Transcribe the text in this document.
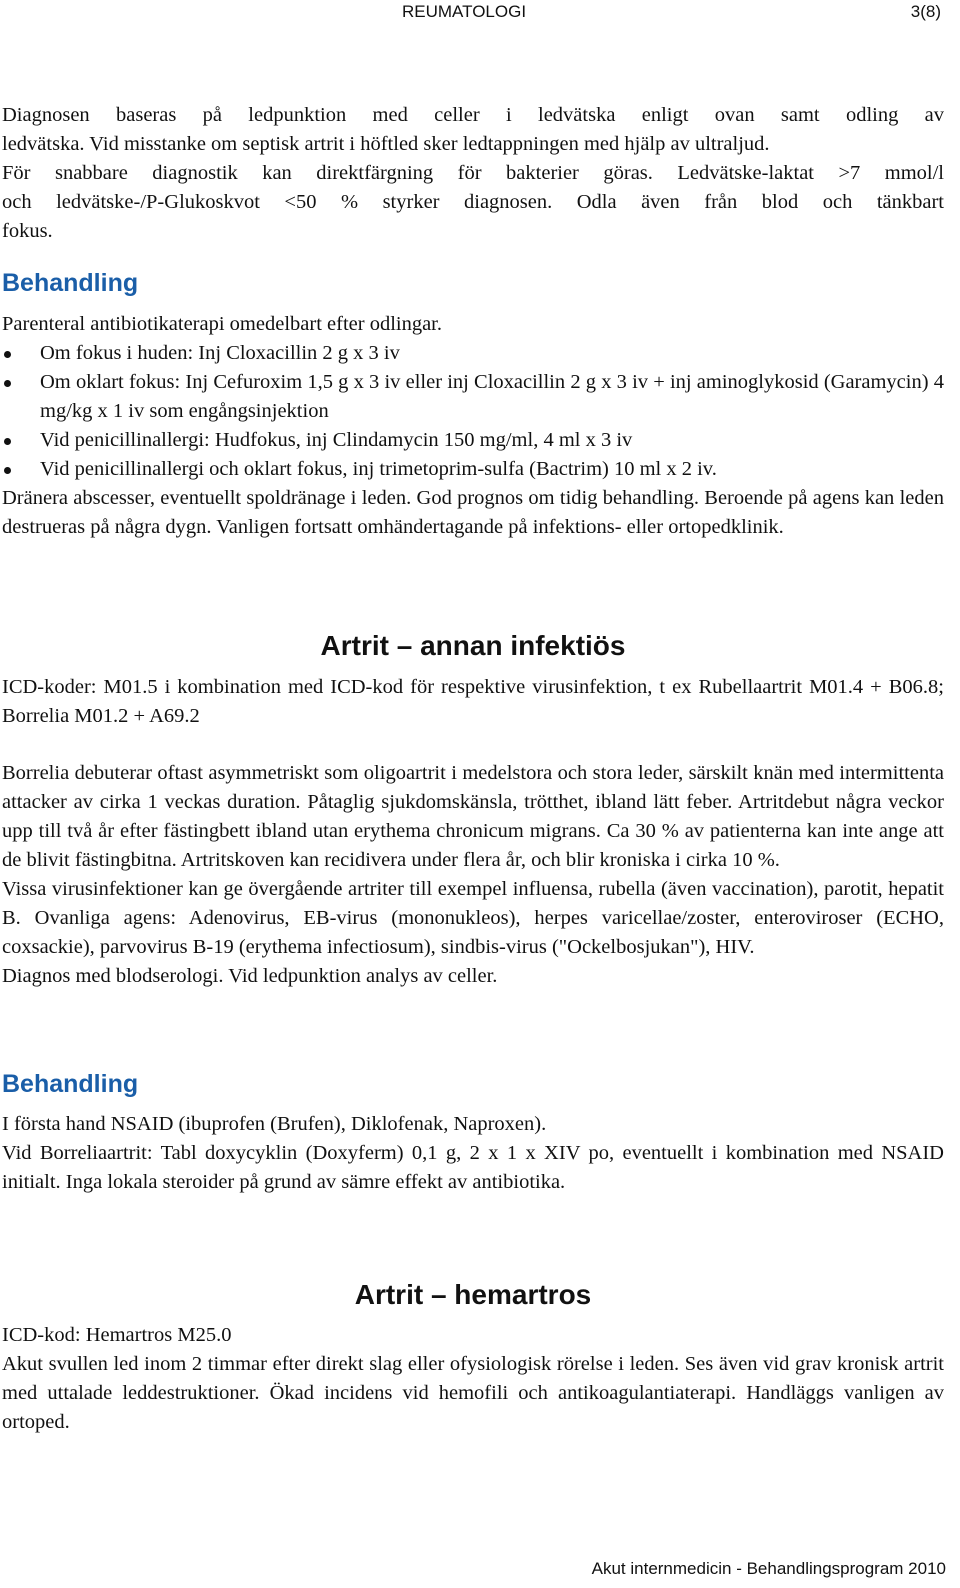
REUMATOLOGI	3(8)
Diagnosen baseras på ledpunktion med celler i ledvätska enligt ovan samt odling av
ledvätska. Vid misstanke om septisk artrit i höftled sker ledtappningen med hjälp av ultraljud.
För snabbare diagnostik kan direktfärgning för bakterier göras. Ledvätske-laktat >7 mmol/l
och ledvätske-/P-Glukoskvot <50 % styrker diagnosen. Odla även från blod och tänkbart
fokus.
Behandling
Parenteral antibiotikaterapi omedelbart efter odlingar.
Om fokus i huden: Inj Cloxacillin 2 g x 3 iv
Om oklart fokus: Inj Cefuroxim 1,5 g x 3 iv eller inj Cloxacillin 2 g x 3 iv + inj aminoglykosid (Garamycin) 4 mg/kg x 1 iv som engångsinjektion
Vid penicillinallergi: Hudfokus, inj Clindamycin 150 mg/ml, 4 ml x 3 iv
Vid penicillinallergi och oklart fokus, inj trimetoprim-sulfa (Bactrim) 10 ml x 2 iv.
Dränera abscesser, eventuellt spoldränage i leden. God prognos om tidig behandling. Beroende på agens kan leden destrueras på några dygn. Vanligen fortsatt omhändertagande på infektions- eller ortopedklinik.
Artrit – annan infektiös
ICD-koder: M01.5 i kombination med ICD-kod för respektive virusinfektion, t ex Rubellaartrit M01.4 + B06.8; Borrelia M01.2 + A69.2
Borrelia debuterar oftast asymmetriskt som oligoartrit i medelstora och stora leder, särskilt knän med intermittenta attacker av cirka 1 veckas duration. Påtaglig sjukdomskänsla, trötthet, ibland lätt feber. Artritdebut några veckor upp till två år efter fästingbett ibland utan erythema chronicum migrans. Ca 30 % av patienterna kan inte ange att de blivit fästingbitna. Artritskoven kan recidivera under flera år, och blir kroniska i cirka 10 %.
Vissa virusinfektioner kan ge övergående artriter till exempel influensa, rubella (även vaccination), parotit, hepatit B. Ovanliga agens: Adenovirus, EB-virus (mononukleos), herpes varicellae/zoster, enteroviroser (ECHO, coxsackie), parvovirus B-19 (erythema infectiosum), sindbis-virus ("Ockelbosjukan"), HIV.
Diagnos med blodserologi. Vid ledpunktion analys av celler.
Behandling
I första hand NSAID (ibuprofen (Brufen), Diklofenak, Naproxen).
Vid Borreliaartrit: Tabl doxycyklin (Doxyferm) 0,1 g, 2 x 1 x XIV po, eventuellt i kombination med NSAID initialt. Inga lokala steroider på grund av sämre effekt av antibiotika.
Artrit – hemartros
ICD-kod: Hemartros M25.0
Akut svullen led inom 2 timmar efter direkt slag eller ofysiologisk rörelse i leden. Ses även vid grav kronisk artrit med uttalade leddestruktioner. Ökad incidens vid hemofili och antikoagulantiaterapi. Handläggs vanligen av ortoped.
Akut internmedicin - Behandlingsprogram 2010
